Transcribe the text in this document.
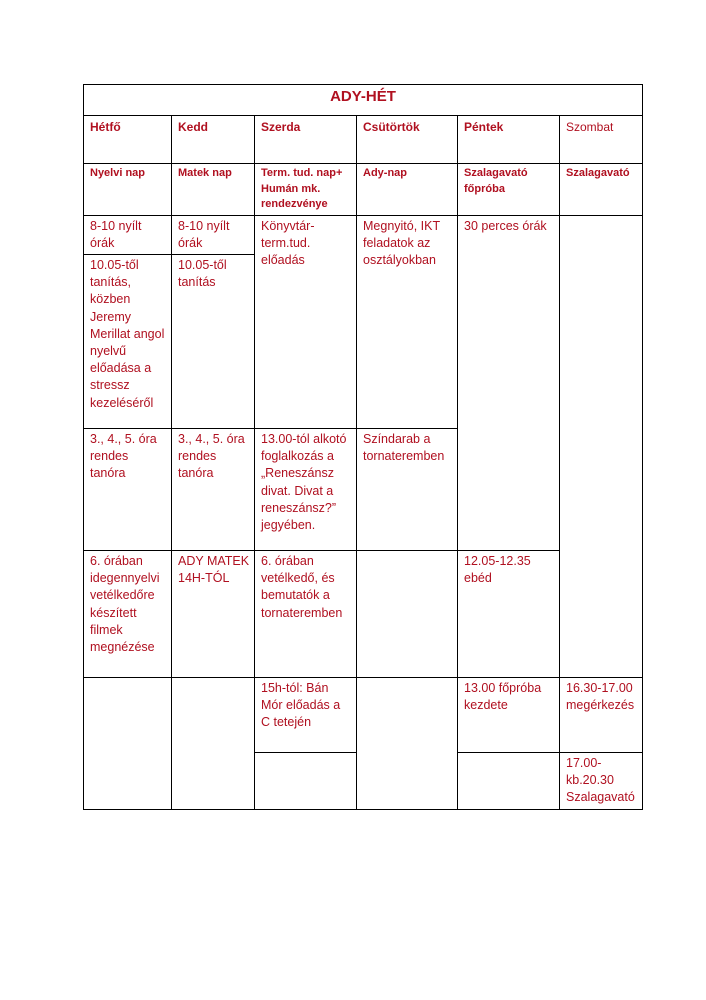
ADY-HÉT					
Hétfő	Kedd	Szerda	Csütörtök	Péntek	Szombat
Nyelvi nap	Matek nap	Term. tud. nap+ Humán mk. rendezvénye	Ady-nap	Szalagavató főpróba	Szalagavató
8-10 nyílt órák	8-10 nyílt órák	Könyvtár-term.tud. előadás	Megnyitó, IKT feladatok az osztályokban	30 perces órák	
10.05-től tanítás, közben Jeremy Merillat angol nyelvű előadása a stressz kezeléséről	10.05-től tanítás				
3., 4., 5. óra rendes tanóra	3., 4., 5. óra rendes tanóra	13.00-tól alkotó foglalkozás a „Reneszánsz divat. Divat a reneszánsz?” jegyében.	Színdarab a tornateremben		
6. órában idegennyelvi vetélkedőre készített filmek megnézése	ADY MATEK 14H-TÓL	6. órában vetélkedő, és bemutatók a tornateremben		12.05-12.35 ebéd	
		15h-tól: Bán Mór előadás a C tetején		13.00 főpróba kezdete	16.30-17.00 megérkezés
					17.00-kb.20.30 Szalagavató
